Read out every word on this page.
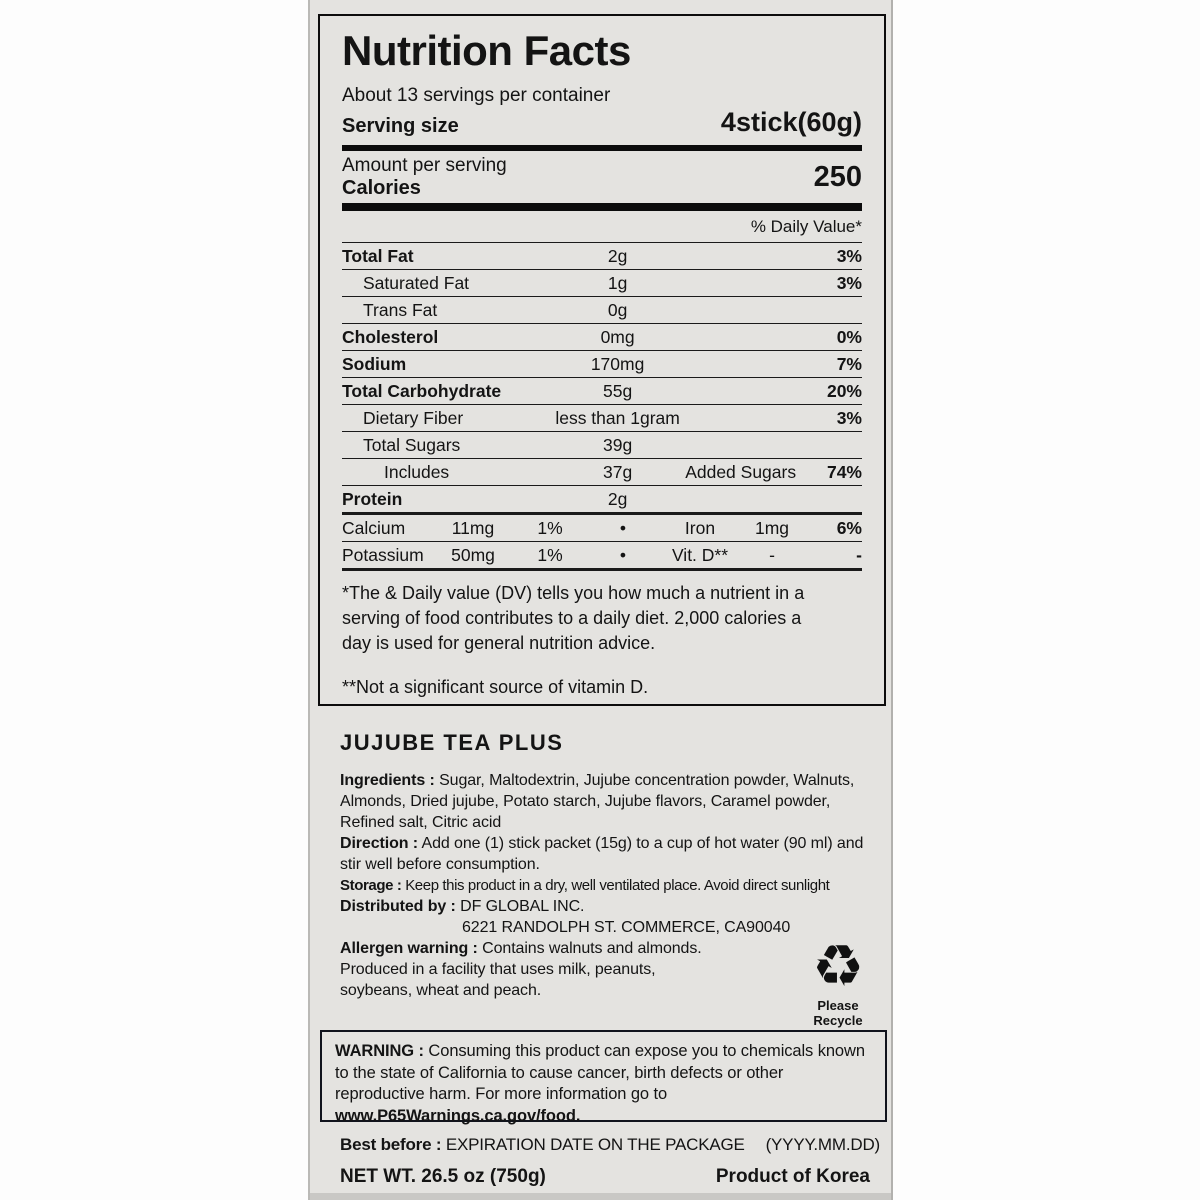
Nutrition Facts
About 13 servings per container
Serving size	4stick(60g)
Amount per serving
Calories	250
% Daily Value*
Total Fat	2g	3%
Saturated Fat	1g	3%
Trans Fat	0g
Cholesterol	0mg	0%
Sodium	170mg	7%
Total Carbohydrate	55g	20%
Dietary Fiber	less than 1gram	3%
Total Sugars	39g
Includes	37g	Added Sugars 74%
Protein	2g
Calcium	11mg	1%	•	Iron	1mg	6%
Potassium	50mg	1%	•	Vit. D**	-	-

*The & Daily value (DV) tells you how much a nutrient in a serving of food contributes to a daily diet. 2,000 calories a day is used for general nutrition advice.

**Not a significant source of vitamin D.

JUJUBE TEA PLUS

Ingredients : Sugar, Maltodextrin, Jujube concentration powder, Walnuts, Almonds, Dried jujube, Potato starch, Jujube flavors, Caramel powder, Refined salt, Citric acid

Direction : Add one (1) stick packet (15g) to a cup of hot water (90 ml) and stir well before consumption.

Storage : Keep this product in a dry, well ventilated place. Avoid direct sunlight

Distributed by : DF GLOBAL INC.

6221 RANDOLPH ST. COMMERCE, CA90040

Allergen warning : Contains walnuts and almonds.
Produced in a facility that uses milk, peanuts,
soybeans, wheat and peach.	♻
Please Recycle

WARNING : Consuming this product can expose you to chemicals known to the state of California to cause cancer, birth defects or other reproductive harm. For more information go towww.P65Warnings.ca.gov/food.

Best before : EXPIRATION DATE ON THE PACKAGE (YYYY.MM.DD)
NET WT. 26.5 oz (750g)	Product of Korea
